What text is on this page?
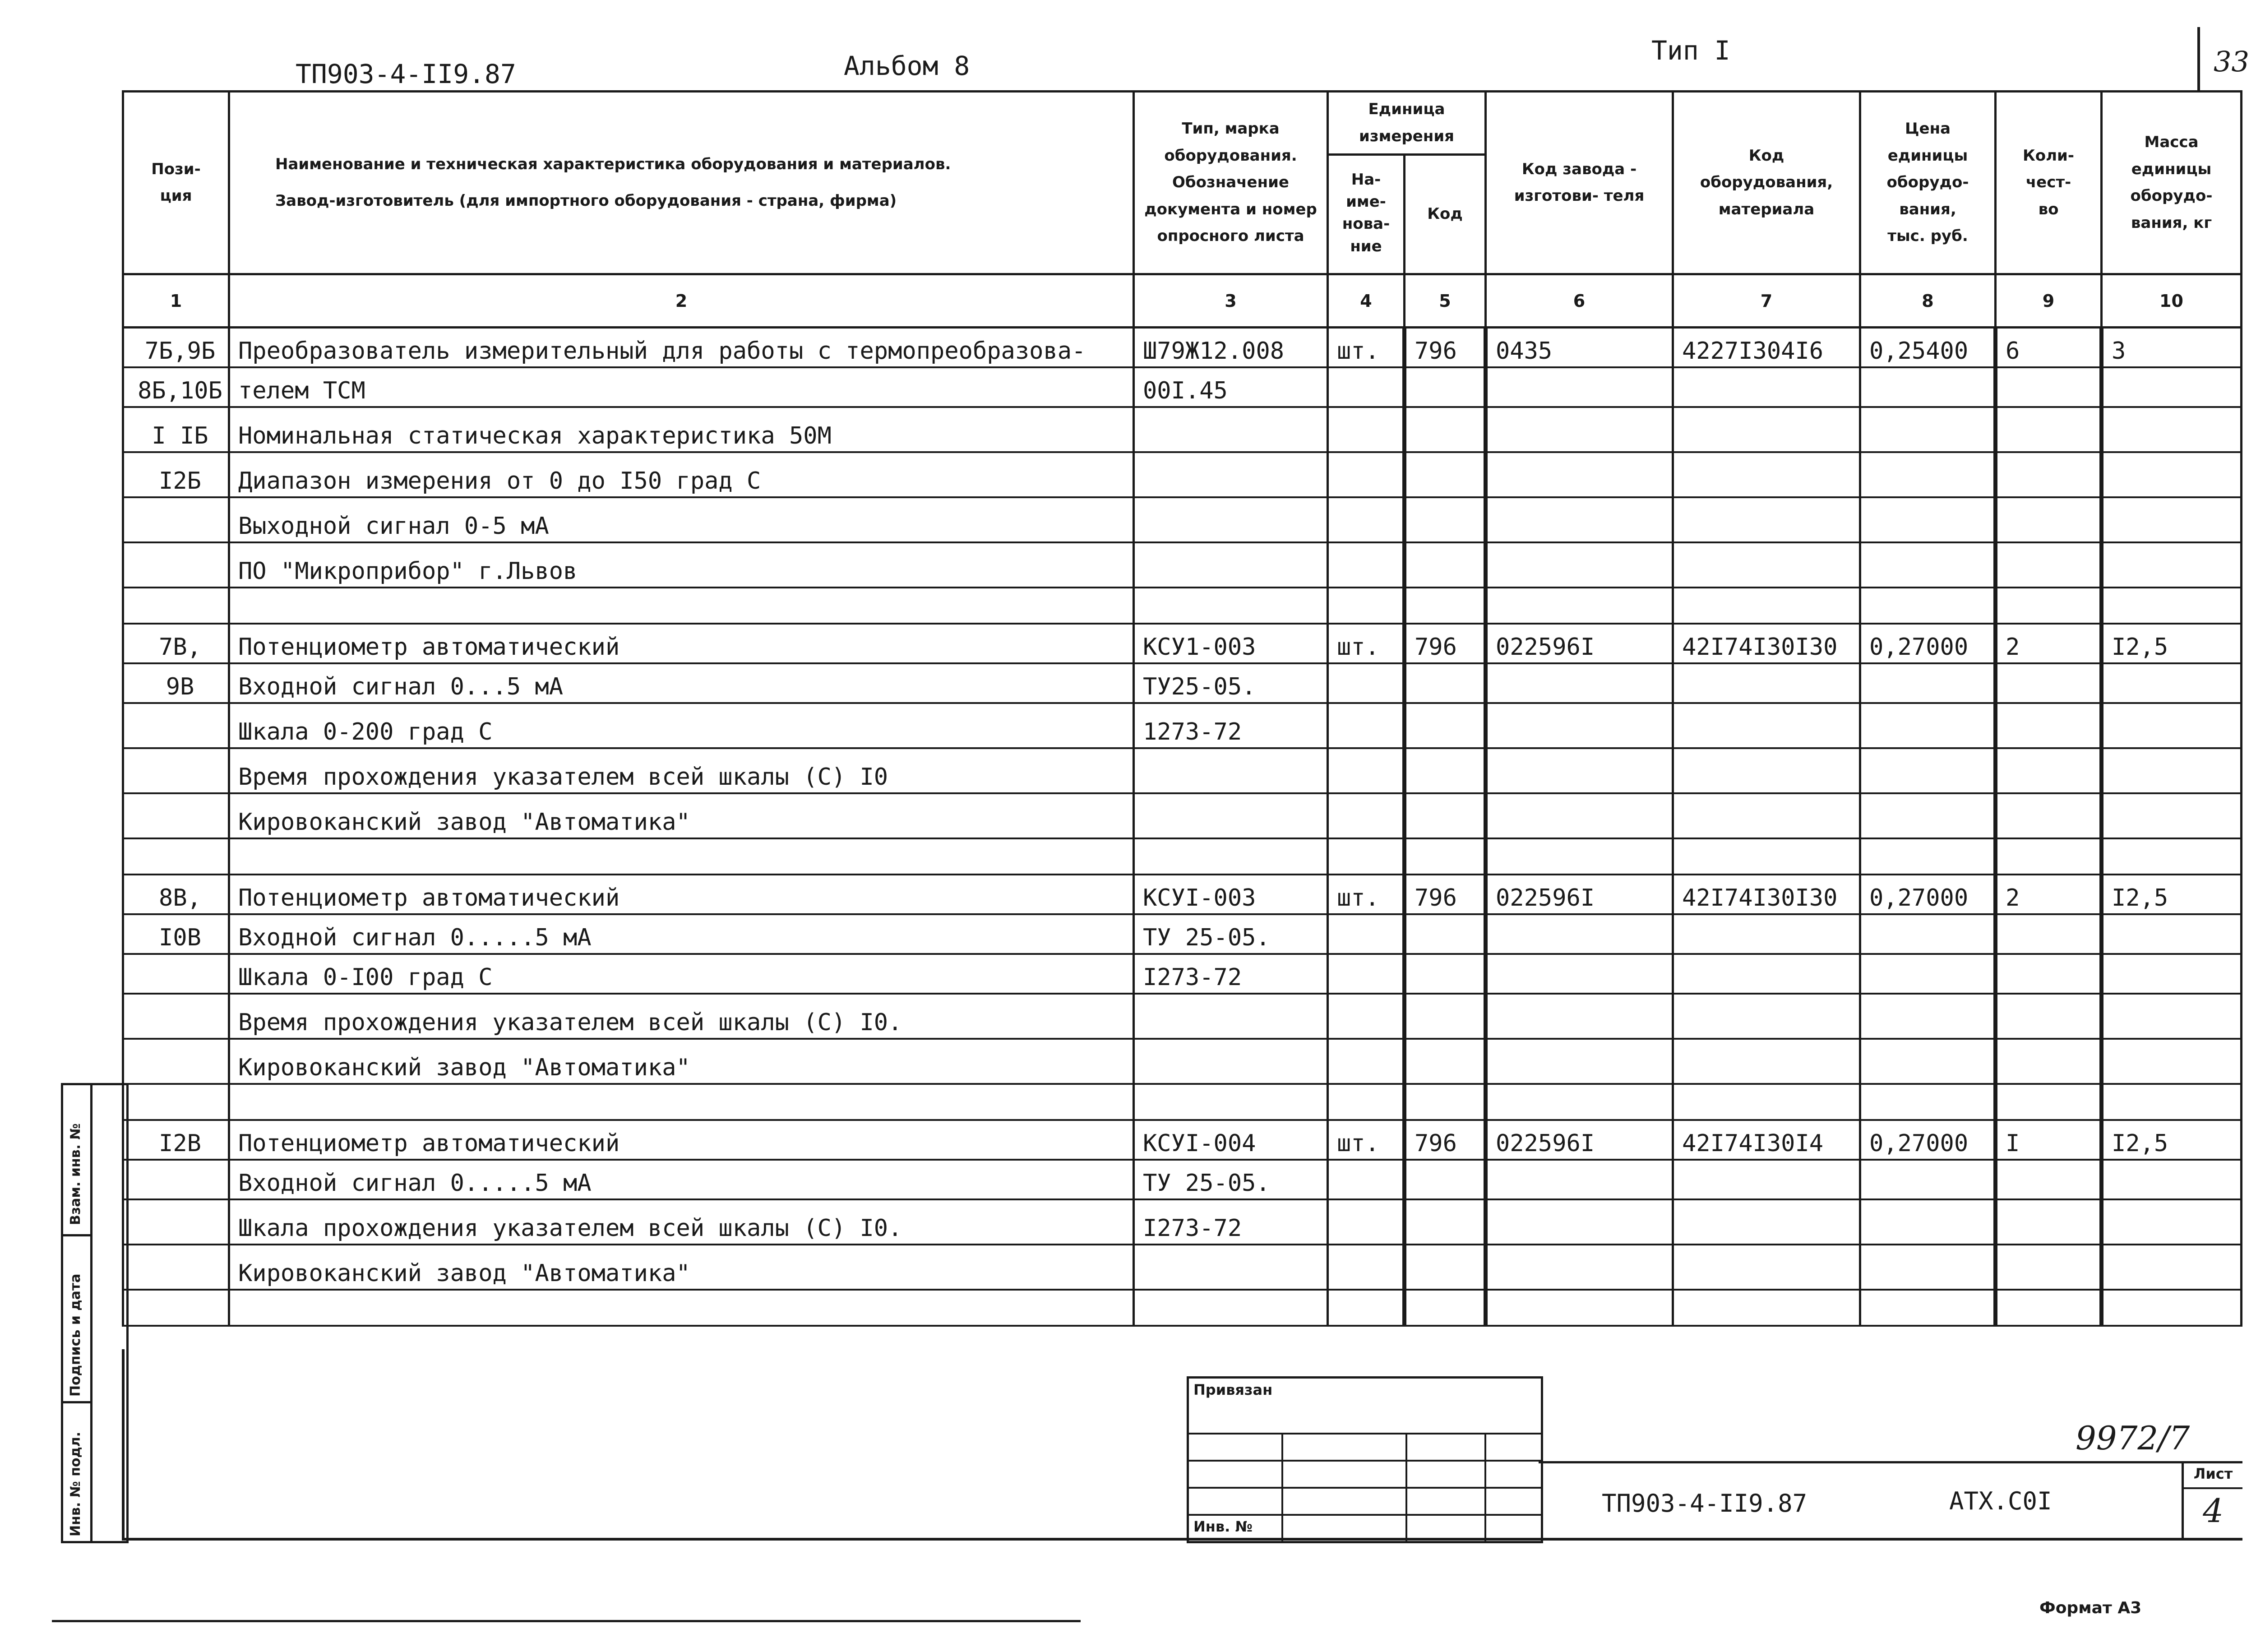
ТП903-4-II9.87	Альбом 8	Тип I	33
Пози- ция	Наименование и техническая характеристика оборудования и материалов.
Завод-изготовитель (для импортного оборудования - страна, фирма)	Тип, марка оборудования. Обозначение документа и номер опросного листа	Единица измерения		Код завода - изготови- теля	Код оборудования, материала	Цена единицы оборудо- вания, тыс. руб.	Коли- чест- во	Масса единицы оборудо- вания, кг
			На- име- нова- ние	Код					
1	2	3	4	5	6	7	8	9	10
7Б,9Б	Преобразователь измерительный для работы с термопреобразова-	Ш79Ж12.008	шт.	796	0435	4227I304I6	0,25400	6	3
8Б,10Б	телем ТСМ	00I.45							
I IБ	Номинальная статическая характеристика 50М								
I2Б	Диапазон измерения от 0 до I50 град С								
	Выходной сигнал 0-5 мА								
	ПО "Микроприбор" г.Львов								

7В,	Потенциометр автоматический	КСУ1-003	шт.	796	022596I	42I74I30I30	0,27000	2	I2,5
9В	Входной сигнал 0...5 мА	ТУ25-05.							
	Шкала 0-200 град С	1273-72							
	Время прохождения указателем всей шкалы (С) I0								
	Кировоканский завод "Автоматика"								

8В,	Потенциометр автоматический	КСУI-003	шт.	796	022596I	42I74I30I30	0,27000	2	I2,5
I0В	Входной сигнал 0.....5 мА	ТУ 25-05.							
	Шкала 0-I00 град С	I273-72							
	Время прохождения указателем всей шкалы (С) I0.								
	Кировоканский завод "Автоматика"								

I2В	Потенциометр автоматический	КСУI-004	шт.	796	022596I	42I74I30I4	0,27000	I	I2,5
	Входной сигнал 0.....5 мА	ТУ 25-05.							
	Шкала прохождения указателем всей шкалы (С) I0.	I273-72							
	Кировоканский завод "Автоматика"								

Взам. инв. №
Подпись и дата
Инв. № подл.
Привязан
Инв. №
9972/7
ТП903-4-II9.87	АТХ.С0I
Лист
4
Формат А3
